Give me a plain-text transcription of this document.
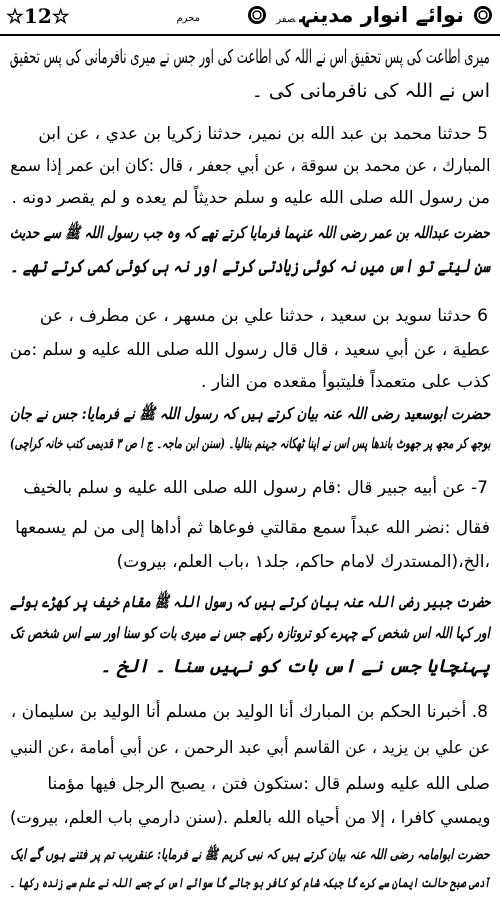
☆12☆	محرم	نوائے انوار مدینہصفر
میری اطاعت کی پس تحقیق اس نے اللہ کی اطاعت کی اور جس نے میری نافرمانی کی پس تحقیق
اس نے اللہ کی نافرمانی کی ۔
5 حدثنا محمد بن عبد الله بن نمير، حدثنا زكريا بن عدي ، عن ابن
المبارك ، عن محمد بن سوقة ، عن أبي جعفر ، قال :كان ابن عمر إذا سمع
من رسول الله صلى الله عليه و سلم حديثاً لم يعده و لم يقصر دونه .
حضرت عبداللہ بن عمر رضی اللہ عنہما فرمایا کرتے تھے کہ وہ جب رسول اللہ ﷺ سے حدیث
سن لیتے تو اس میں نہ کوئی زیادتی کرتے اور نہ ہی کوئی کمی کرتے تھے ۔
6 حدثنا سويد بن سعيد ، حدثنا علي بن مسهر ، عن مطرف ، عن
عطية ، عن أبي سعيد ، قال قال رسول الله صلى الله عليه و سلم :من
كذب على متعمداً فليتبوأ مقعده من النار .
حضرت ابوسعید رضی اللہ عنہ بیان کرتے ہیں کہ رسول اللہ ﷺ نے فرمایا: جس نے جان
بوجھ کر مجھ پر جھوٹ باندھا پس اس نے اپنا ٹھکانہ جہنم بنالیا۔ (سنن ابن ماجہ۔ ج ا ص ۳ قدیمی کتب خانہ کراچی)
7- عن أبيه جبير قال :قام رسول الله صلى الله عليه و سلم بالخيف
فقال :نضر الله عبداً سمع مقالتي فوعاها ثم أداها إلى من لم يسمعها
،الخ،(المستدرك لامام حاكم، جلد١ ،باب العلم، بيروت)
حضرت جبیر رضی اللہ عنہ بیان کرتے ہیں کہ رسول اللہ ﷺ مقام خیف پر کھڑے ہوئے
اور کہا اللہ اس شخص کے چہرے کو تروتازہ رکھے جس نے میری بات کو سنا اور سے اس شخص تک
پہنچایا جس نے اس بات کو نہیں سنا ۔ الخ ۔
8. أخبرنا الحكم بن المبارك أنا الوليد بن مسلم أنا الوليد بن سليمان ،
عن علي بن يزيد ، عن القاسم أبي عبد الرحمن ، عن أبي أمامة ،عن النبي
صلى الله عليه وسلم قال :ستكون فتن ، يصبح الرجل فيها مؤمنا
ويمسي كافرا ، إلا من أحياه الله بالعلم .(سنن دارمي باب العلم، بيروت)
حضرت ابوامامہ رضی اللہ عنہ بیان کرتے ہیں کہ نبی کریم ﷺ نے فرمایا: عنقریب تم پر فتنے ہوں گے ایک
آدمی صبح حالت ایمان سے کرے گا جبکہ شام کو کافر ہو جائے گا سوائے اس کے جسے اللہ نے علم سے زندہ رکھا ۔
